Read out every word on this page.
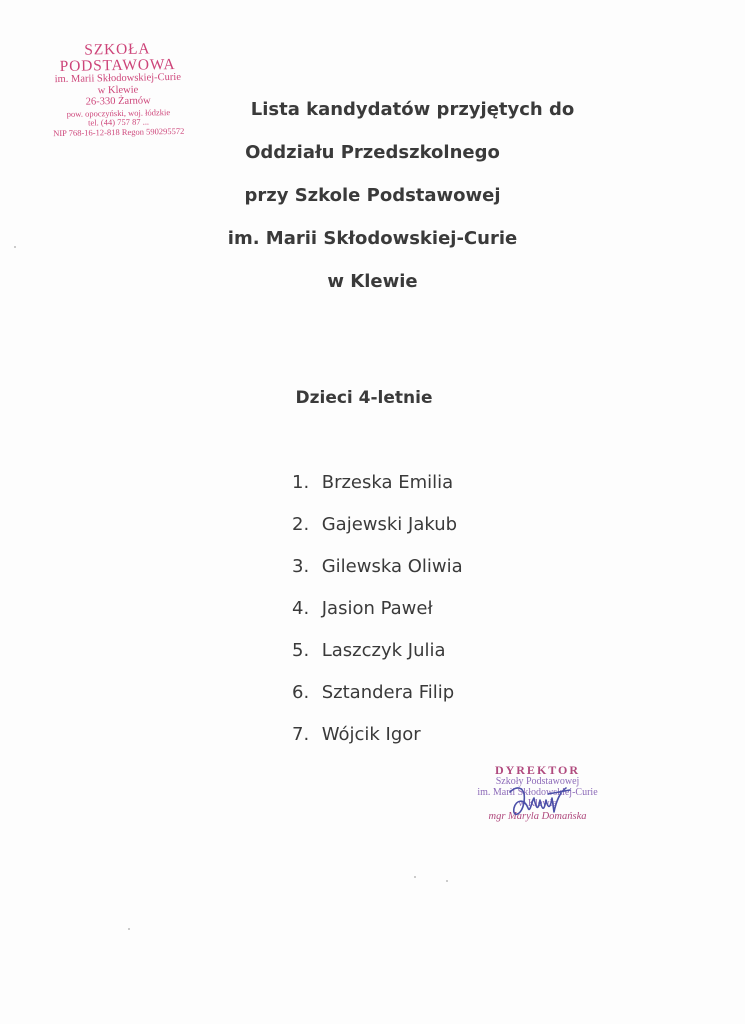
SZKOŁA PODSTAWOWA
im. Marii Skłodowskiej-Curie
w Klewie
26-330 Żarnów
pow. opoczyński, woj. łódzkie
tel. (44) 757 87 ...
NIP 768-16-12-818 Regon 590295572
Lista kandydatów przyjętych do
Oddziału Przedszkolnego
przy Szkole Podstawowej
im. Marii Skłodowskiej-Curie
w Klewie
Dzieci 4-letnie
1. Brzeska Emilia
2. Gajewski Jakub
3. Gilewska Oliwia
4. Jasion Paweł
5. Laszczyk Julia
6. Sztandera Filip
7. Wójcik Igor
DYREKTOR
Szkoły Podstawowej
im. Marii Skłodowskiej-Curie
w Klewie
mgr Maryla Domańska
